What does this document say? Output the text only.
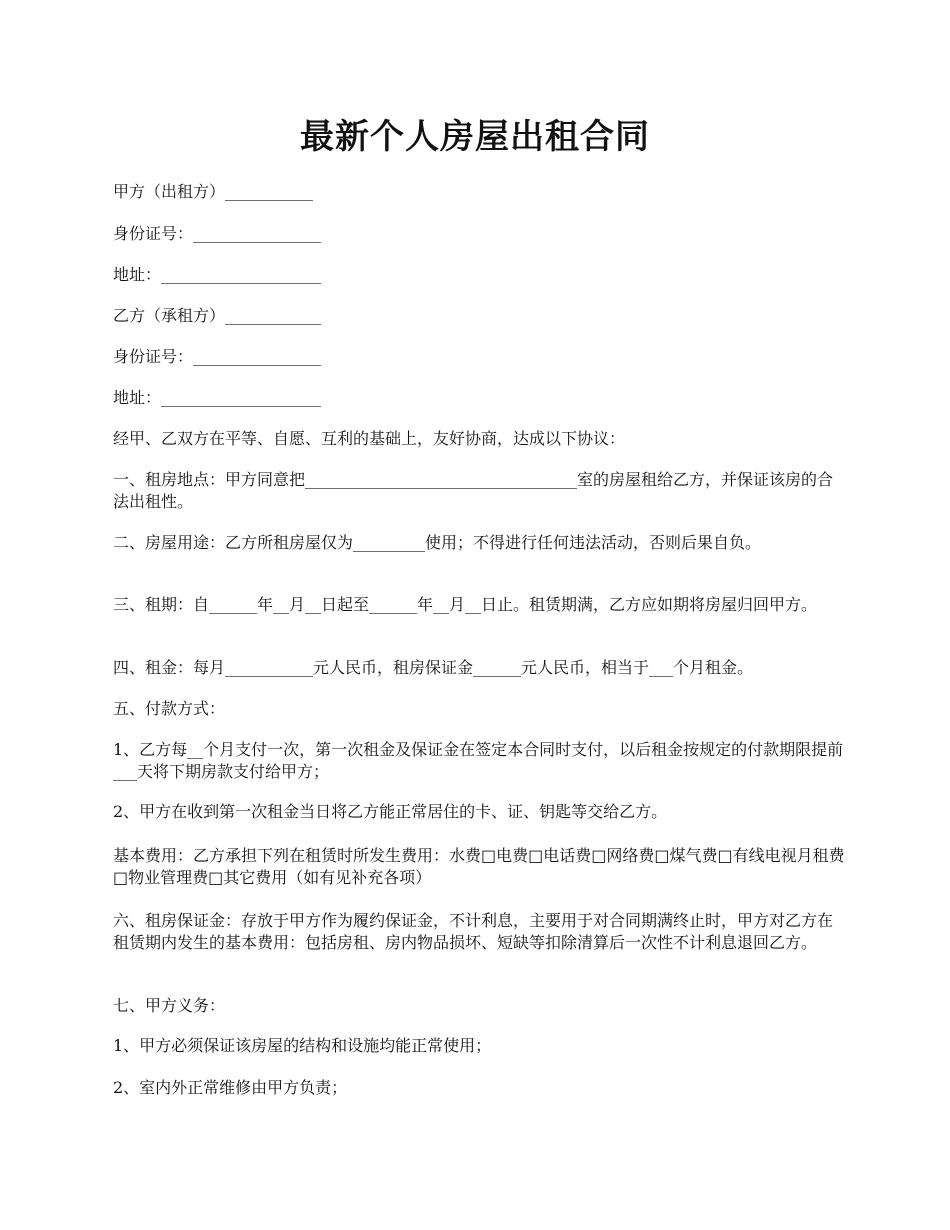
最新个人房屋出租合同
甲方（出租方）___________
身份证号：________________
地址：____________________
乙方（承租方）____________
身份证号：________________
地址：____________________
经甲、乙双方在平等、自愿、互利的基础上，友好协商，达成以下协议：
一、租房地点：甲方同意把__________________________________室的房屋租给乙方，并保证该房的合法出租性。
二、房屋用途：乙方所租房屋仅为_________使用；不得进行任何违法活动，否则后果自负。
三、租期：自______年__月__日起至______年__月__日止。租赁期满，乙方应如期将房屋归回甲方。
四、租金：每月___________元人民币，租房保证金______元人民币，相当于___个月租金。
五、付款方式：
1、乙方每__个月支付一次，第一次租金及保证金在签定本合同时支付，以后租金按规定的付款期限提前___天将下期房款支付给甲方；
2、甲方在收到第一次租金当日将乙方能正常居住的卡、证、钥匙等交给乙方。
基本费用：乙方承担下列在租赁时所发生费用：水费□电费□电话费□网络费□煤气费□有线电视月租费□物业管理费□其它费用（如有见补充各项）
六、租房保证金：存放于甲方作为履约保证金，不计利息，主要用于对合同期满终止时，甲方对乙方在租赁期内发生的基本费用：包括房租、房内物品损坏、短缺等扣除清算后一次性不计利息退回乙方。
七、甲方义务：
1、甲方必须保证该房屋的结构和设施均能正常使用；
2、室内外正常维修由甲方负责；
